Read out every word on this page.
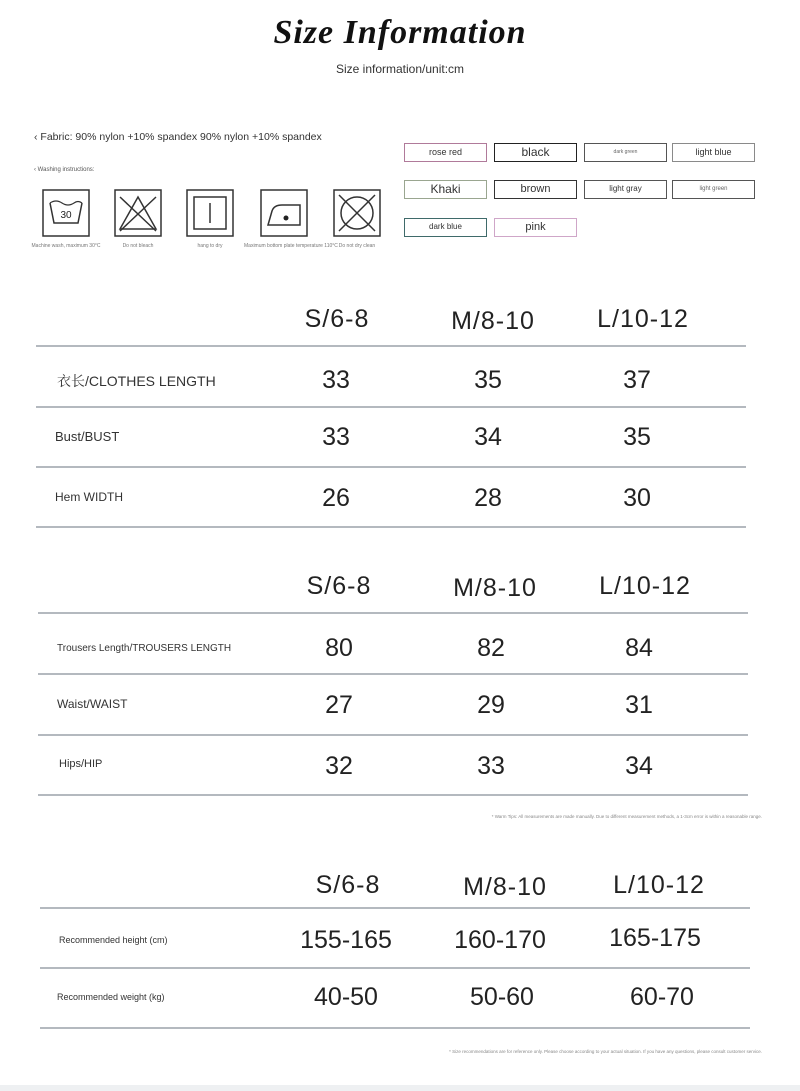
Size Information
Size information/unit:cm
‹ Fabric: 90% nylon +10% spandex 90% nylon +10% spandex
‹ Washing instructions:
30
Machine wash, maximum 30°C	Do not bleach	hang to dry	Maximum bottom plate temperature 110°C Do not dry clean
rose red	black	dark green	light blue
Khaki	brown	light gray	light green
dark blue	pink
S/6-8	M/8-10	L/10-12
衣长/CLOTHES LENGTH	33	35	37
Bust/BUST	33	34	35
Hem WIDTH	26	28	30
S/6-8	M/8-10	L/10-12
Trousers Length/TROUSERS LENGTH	80	82	84
Waist/WAIST	27	29	31
Hips/HIP	32	33	34
* Warm Tips: All measurements are made manually. Due to different measurement methods, a 1-3cm error is within a reasonable range.
S/6-8	M/8-10	L/10-12
Recommended height (cm)	155-165	160-170	165-175
Recommended weight (kg)	40-50	50-60	60-70
* Size recommendations are for reference only. Please choose according to your actual situation. If you have any questions, please consult customer service.
